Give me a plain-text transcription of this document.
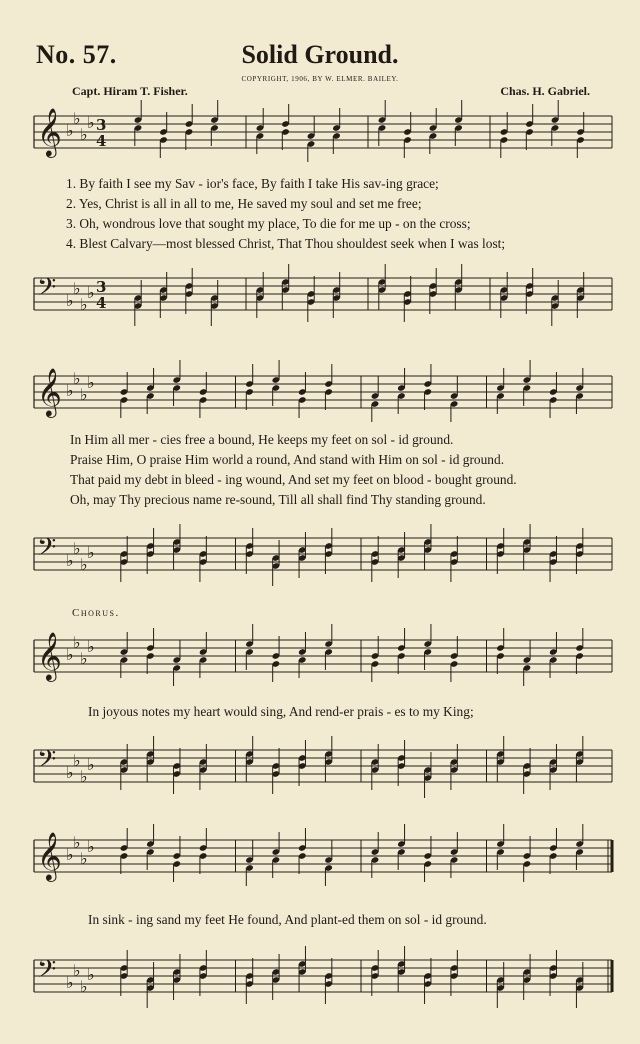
No. 57.	Solid Ground.
COPYRIGHT, 1906, BY W. ELMER. BAILEY.
Capt. Hiram T. Fisher.	Chas. H. Gabriel.
𝄞 ♭
♭
♭
♭ 3
4
1. By faith I see my Sav - ior's face, By faith I take His sav-ing grace;
2. Yes, Christ is all in all to me, He saved my soul and set me free;
3. Oh, wondrous love that sought my place, To die for me up - on the cross;
4. Blest Calvary—most blessed Christ, That Thou shouldest seek when I was lost;
𝄢 ♭
♭
♭
♭ 3
4
𝄞 ♭
♭
♭
♭
In Him all mer - cies free a bound, He keeps my feet on sol - id ground.
Praise Him, O praise Him world a round, And stand with Him on sol - id ground.
That paid my debt in bleed - ing wound, And set my feet on blood - bought ground.
Oh, may Thy precious name re-sound, Till all shall find Thy standing ground.
𝄢 ♭
♭
♭
♭
Chorus.
𝄞 ♭
♭
♭
♭
In joyous notes my heart would sing, And rend-er prais - es to my King;
𝄢 ♭
♭
♭
♭
𝄞 ♭
♭
♭
♭
In sink - ing sand my feet He found, And plant-ed them on sol - id ground.
𝄢 ♭
♭
♭
♭
